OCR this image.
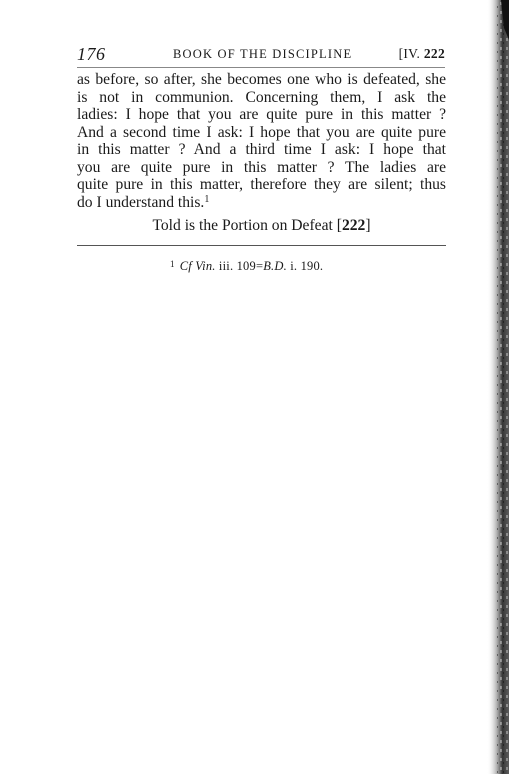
176	BOOK OF THE DISCIPLINE	[IV. 222
as before, so after, she becomes one who is defeated, she
is not in communion. Concerning them, I ask the
ladies: I hope that you are quite pure in this matter ?
And a second time I ask: I hope that you are quite pure
in this matter ? And a third time I ask: I hope that
you are quite pure in this matter ? The ladies are
quite pure in this matter, therefore they are silent; thus
do I understand this.$^1$
Told is the Portion on Defeat [222]
$^1$ Cf Vin. iii. 109=B.D. i. 190.
